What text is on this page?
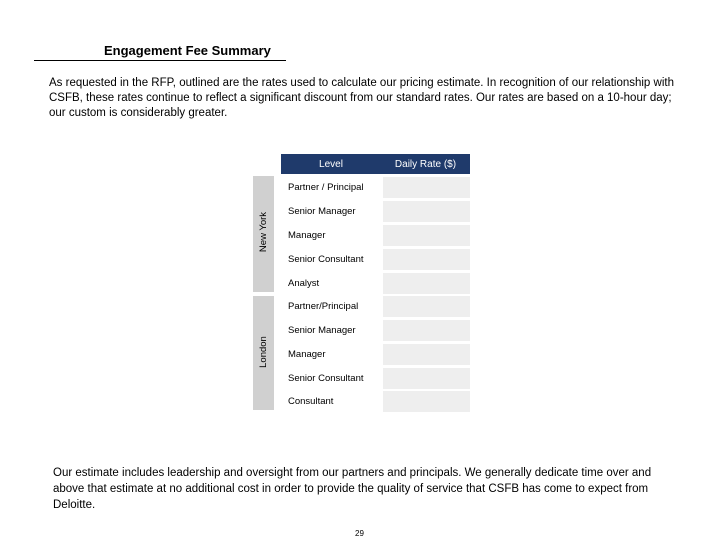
Engagement Fee Summary
As requested in the RFP, outlined are the rates used to calculate our pricing estimate. In recognition of our relationship with CSFB, these rates continue to reflect a significant discount from our standard rates. Our rates are based on a 10-hour day; our custom is considerably greater.
Level	Daily Rate ($)
New York
Partner / Principal
Senior Manager
Manager
Senior Consultant
Analyst
London
Partner/Principal
Senior Manager
Manager
Senior Consultant
Consultant
Our estimate includes leadership and oversight from our partners and principals. We generally dedicate time over and above that estimate at no additional cost in order to provide the quality of service that CSFB has come to expect from Deloitte.
29
